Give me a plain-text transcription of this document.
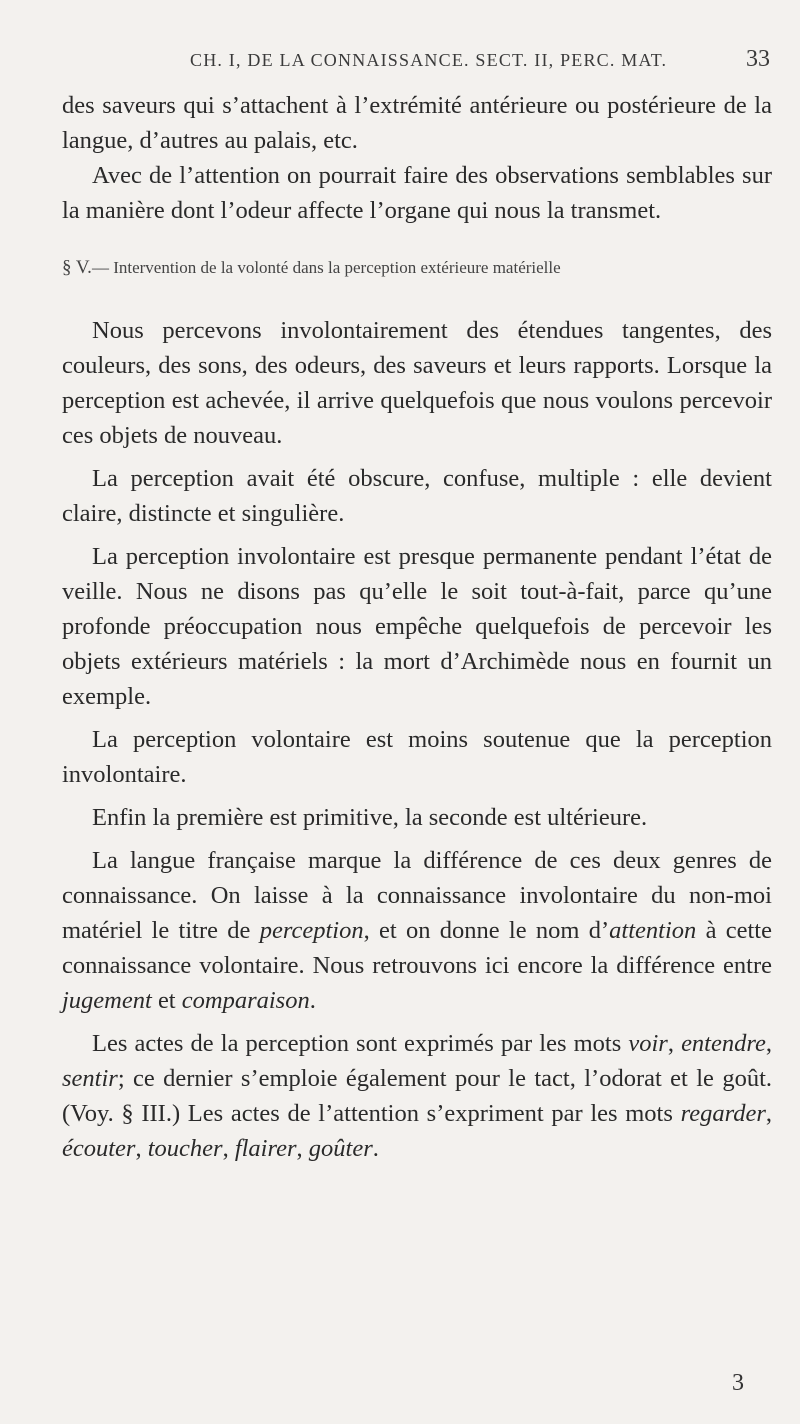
CH. I, DE LA CONNAISSANCE. SECT. II, PERC. MAT.	33

des saveurs qui s’attachent à l’extrémité antérieure ou postérieure de la langue, d’autres au palais, etc.

Avec de l’attention on pourrait faire des observations semblables sur la manière dont l’odeur affecte l’organe qui nous la transmet.

§ V.— Intervention de la volonté dans la perception extérieure matérielle

Nous percevons involontairement des étendues tangentes, des couleurs, des sons, des odeurs, des saveurs et leurs rapports. Lorsque la perception est achevée, il arrive quelquefois que nous voulons percevoir ces objets de nouveau.

La perception avait été obscure, confuse, multiple : elle devient claire, distincte et singulière.

La perception involontaire est presque permanente pendant l’état de veille. Nous ne disons pas qu’elle le soit tout-à-fait, parce qu’une profonde préoccupation nous empêche quelquefois de percevoir les objets extérieurs matériels : la mort d’Archimède nous en fournit un exemple.

La perception volontaire est moins soutenue que la perception involontaire.

Enfin la première est primitive, la seconde est ultérieure.

La langue française marque la différence de ces deux genres de connaissance. On laisse à la connaissance involontaire du non-moi matériel le titre de perception, et on donne le nom d’attention à cette connaissance volontaire. Nous retrouvons ici encore la différence entre jugement et comparaison.

Les actes de la perception sont exprimés par les mots voir, entendre, sentir; ce dernier s’emploie également pour le tact, l’odorat et le goût. (Voy. § III.) Les actes de l’attention s’expriment par les mots regarder, écouter, toucher, flairer, goûter.

3
